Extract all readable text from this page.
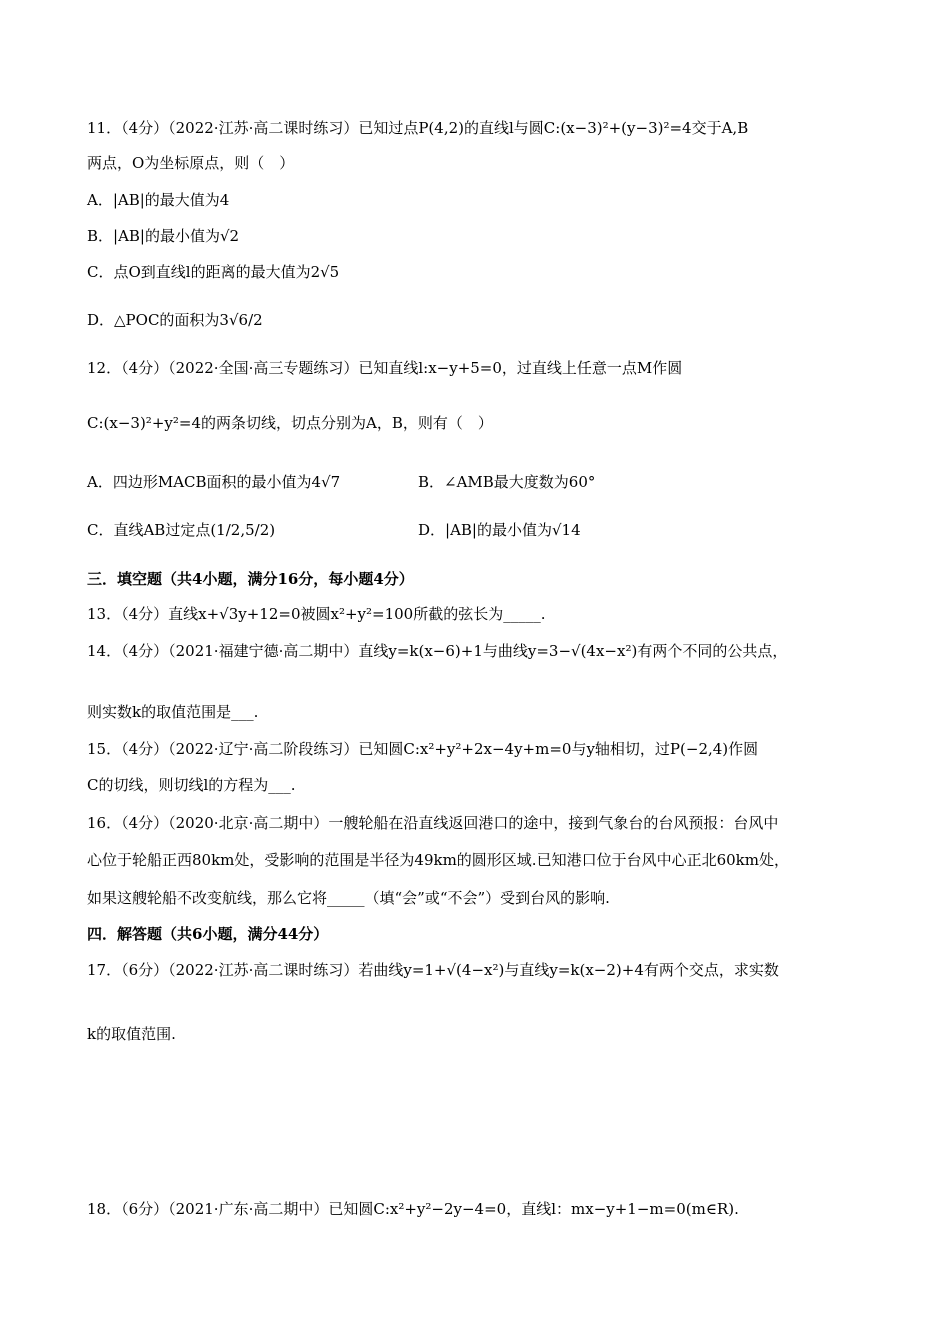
11．（4分）（2022·江苏·高二课时练习）已知过点P(4,2)的直线l与圆C:(x−3)²+(y−3)²=4交于A,B
两点，O为坐标原点，则（　）
A．|AB|的最大值为4
B．|AB|的最小值为√2
C．点O到直线l的距离的最大值为2√5
D．△POC的面积为3√6/2
12．（4分）（2022·全国·高三专题练习）已知直线l:x−y+5=0，过直线上任意一点M作圆
C:(x−3)²+y²=4的两条切线，切点分别为A，B，则有（　）
A．四边形MACB面积的最小值为4√7	B．∠AMB最大度数为60°
C．直线AB过定点(1/2,5/2)	D．|AB|的最小值为√14
三．填空题（共4小题，满分16分，每小题4分）
13．（4分）直线x+√3y+12=0被圆x²+y²=100所截的弦长为_____.
14．（4分）（2021·福建宁德·高二期中）直线y=k(x−6)+1与曲线y=3−√(4x−x²)有两个不同的公共点，
则实数k的取值范围是___.
15．（4分）（2022·辽宁·高二阶段练习）已知圆C:x²+y²+2x−4y+m=0与y轴相切，过P(−2,4)作圆
C的切线，则切线l的方程为___.
16．（4分）（2020·北京·高二期中）一艘轮船在沿直线返回港口的途中，接到气象台的台风预报：台风中
心位于轮船正西80km处，受影响的范围是半径为49km的圆形区域.已知港口位于台风中心正北60km处，
如果这艘轮船不改变航线，那么它将_____（填“会”或“不会”）受到台风的影响.
四．解答题（共6小题，满分44分）
17．（6分）（2022·江苏·高二课时练习）若曲线y=1+√(4−x²)与直线y=k(x−2)+4有两个交点，求实数
k的取值范围.
18．（6分）（2021·广东·高二期中）已知圆C:x²+y²−2y−4=0，直线l：mx−y+1−m=0(m∈R).
